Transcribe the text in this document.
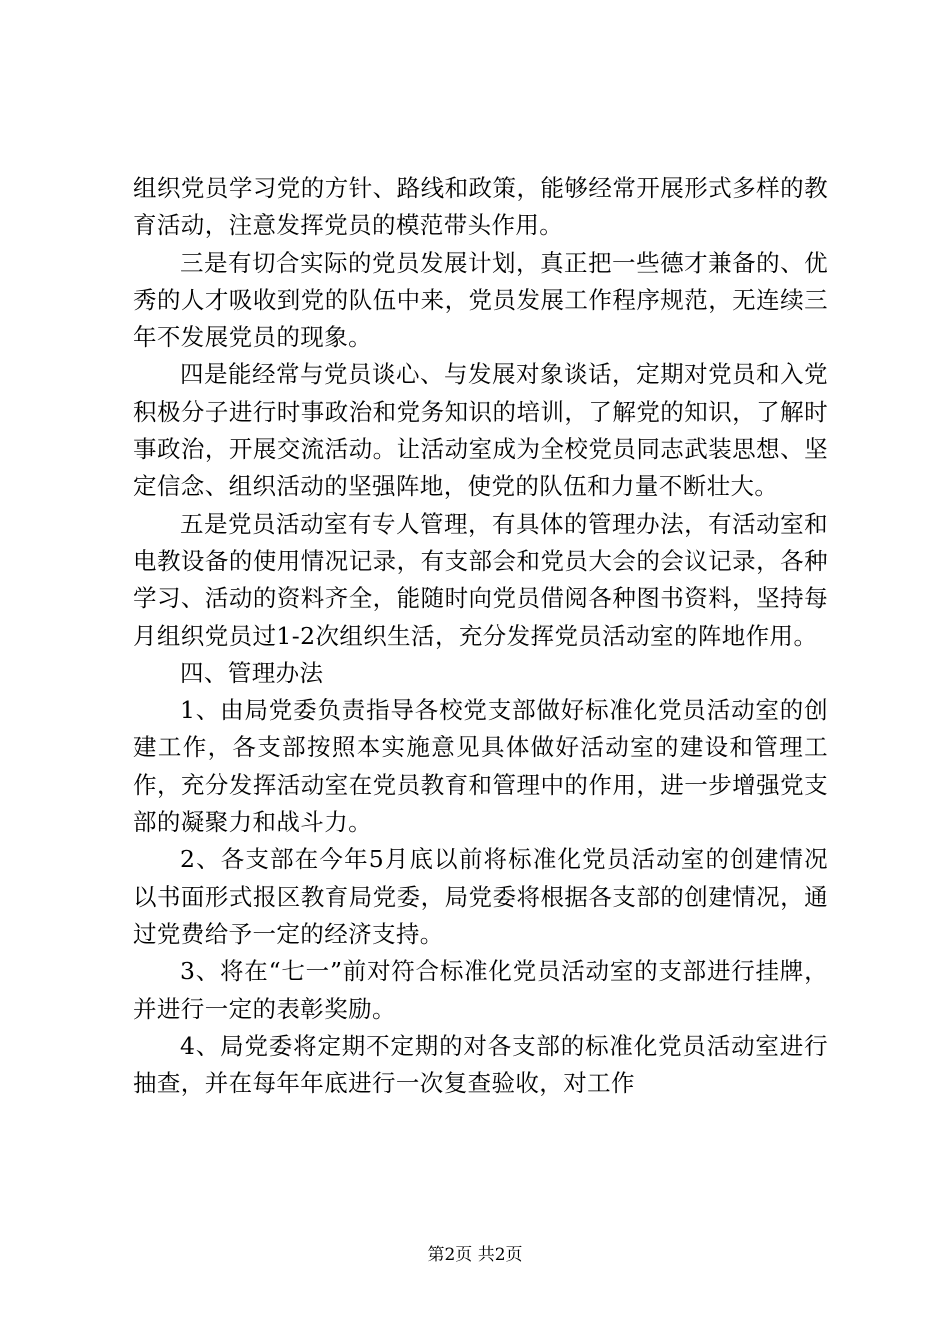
组织党员学习党的方针、路线和政策，能够经常开展形式多样的教育活动，注意发挥党员的模范带头作用。

三是有切合实际的党员发展计划，真正把一些德才兼备的、优秀的人才吸收到党的队伍中来，党员发展工作程序规范，无连续三年不发展党员的现象。

四是能经常与党员谈心、与发展对象谈话，定期对党员和入党积极分子进行时事政治和党务知识的培训，了解党的知识，了解时事政治，开展交流活动。让活动室成为全校党员同志武装思想、坚定信念、组织活动的坚强阵地，使党的队伍和力量不断壮大。

五是党员活动室有专人管理，有具体的管理办法，有活动室和电教设备的使用情况记录，有支部会和党员大会的会议记录，各种学习、活动的资料齐全，能随时向党员借阅各种图书资料，坚持每月组织党员过1-2次组织生活，充分发挥党员活动室的阵地作用。

四、管理办法

1、由局党委负责指导各校党支部做好标准化党员活动室的创建工作，各支部按照本实施意见具体做好活动室的建设和管理工作，充分发挥活动室在党员教育和管理中的作用，进一步增强党支部的凝聚力和战斗力。

2、各支部在今年5月底以前将标准化党员活动室的创建情况以书面形式报区教育局党委，局党委将根据各支部的创建情况，通过党费给予一定的经济支持。

3、将在“七一”前对符合标准化党员活动室的支部进行挂牌，并进行一定的表彰奖励。

4、局党委将定期不定期的对各支部的标准化党员活动室进行抽查，并在每年年底进行一次复查验收，对工作

第2页 共2页
